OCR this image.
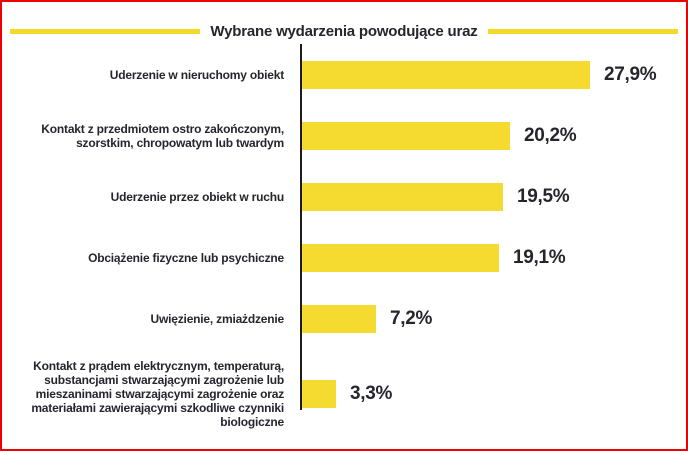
Wybrane wydarzenia powodujące uraz
Uderzenie w nieruchomy obiekt	27,9%
Kontakt z przedmiotem ostro zakończonym, szorstkim, chropowatym lub twardym	20,2%
Uderzenie przez obiekt w ruchu	19,5%
Obciążenie fizyczne lub psychiczne	19,1%
Uwięzienie, zmiażdzenie	7,2%
Kontakt z prądem elektrycznym, temperaturą, substancjami stwarzającymi zagrożenie lub mieszaninami stwarzającymi zagrożenie oraz materiałami zawierającymi szkodliwe czynniki biologiczne
3,3%
